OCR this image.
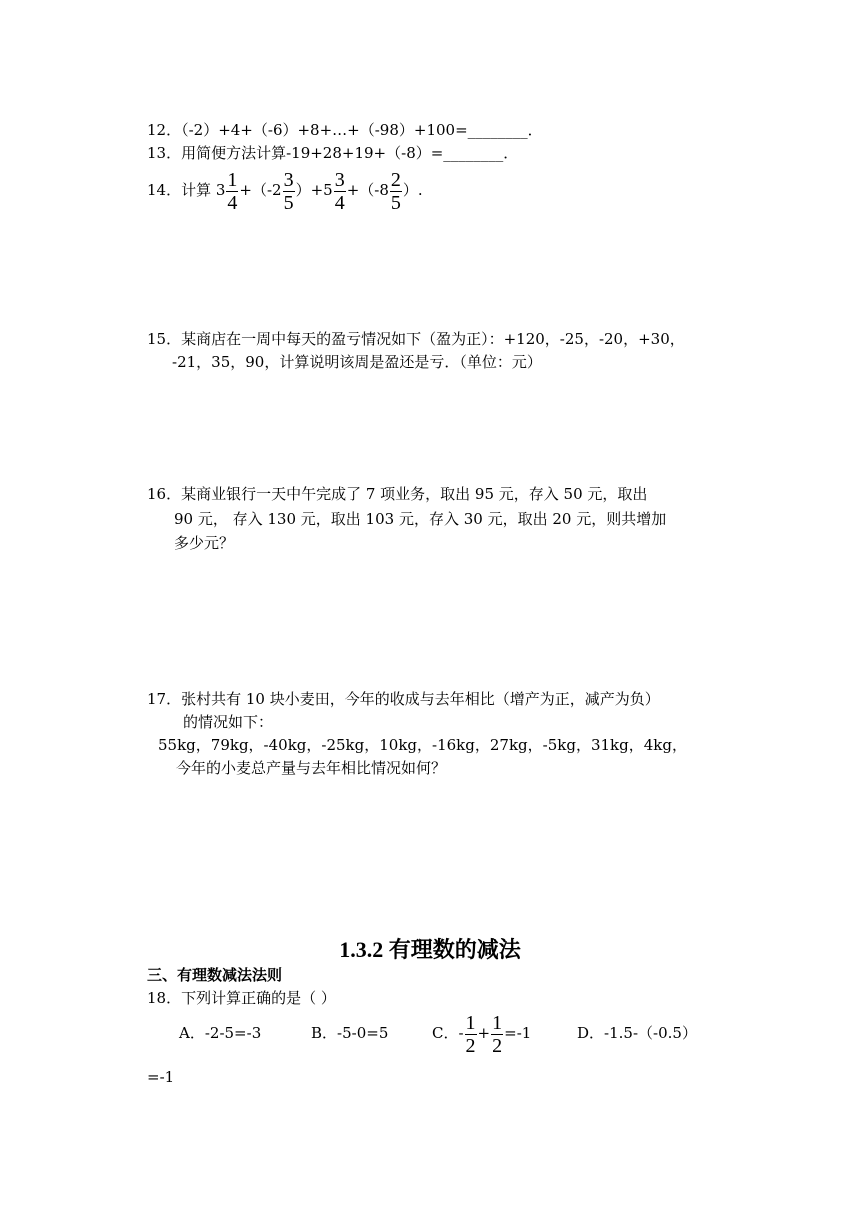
12．（-2）+4+（-6）+8+…+（-98）+100=________．
13．用简便方法计算-19+28+19+（-8）=________．
14．计算 $3 \frac{1}{4} +(-2 \frac{3}{5} )+5 \frac{3}{4} +(-8 \frac{2}{5}$ ）.
15．某商店在一周中每天的盈亏情况如下（盈为正）：+120，-25，-20，+30，
-21，35，90，计算说明该周是盈还是亏．（单位：元）
16．某商业银行一天中午完成了 7 项业务，取出 95 元，存入 50 元，取出
90 元， 存入 130 元，取出 103 元，存入 30 元，取出 20 元，则共增加
多少元？
17．张村共有 10 块小麦田，今年的收成与去年相比（增产为正，减产为负）
的情况如下：
55kg，79kg，-40kg，-25kg，10kg，-16kg，27kg，-5kg，31kg，4kg，
今年的小麦总产量与去年相比情况如何？
1.3.2 有理数的减法
三、有理数减法法则
18．下列计算正确的是（ ）
A．-2-5=-3	B．-5-0=5	C．- $\frac{1}{2} + \frac{1}{2} =-1$	D．-1.5-（-0.5）
=-1
